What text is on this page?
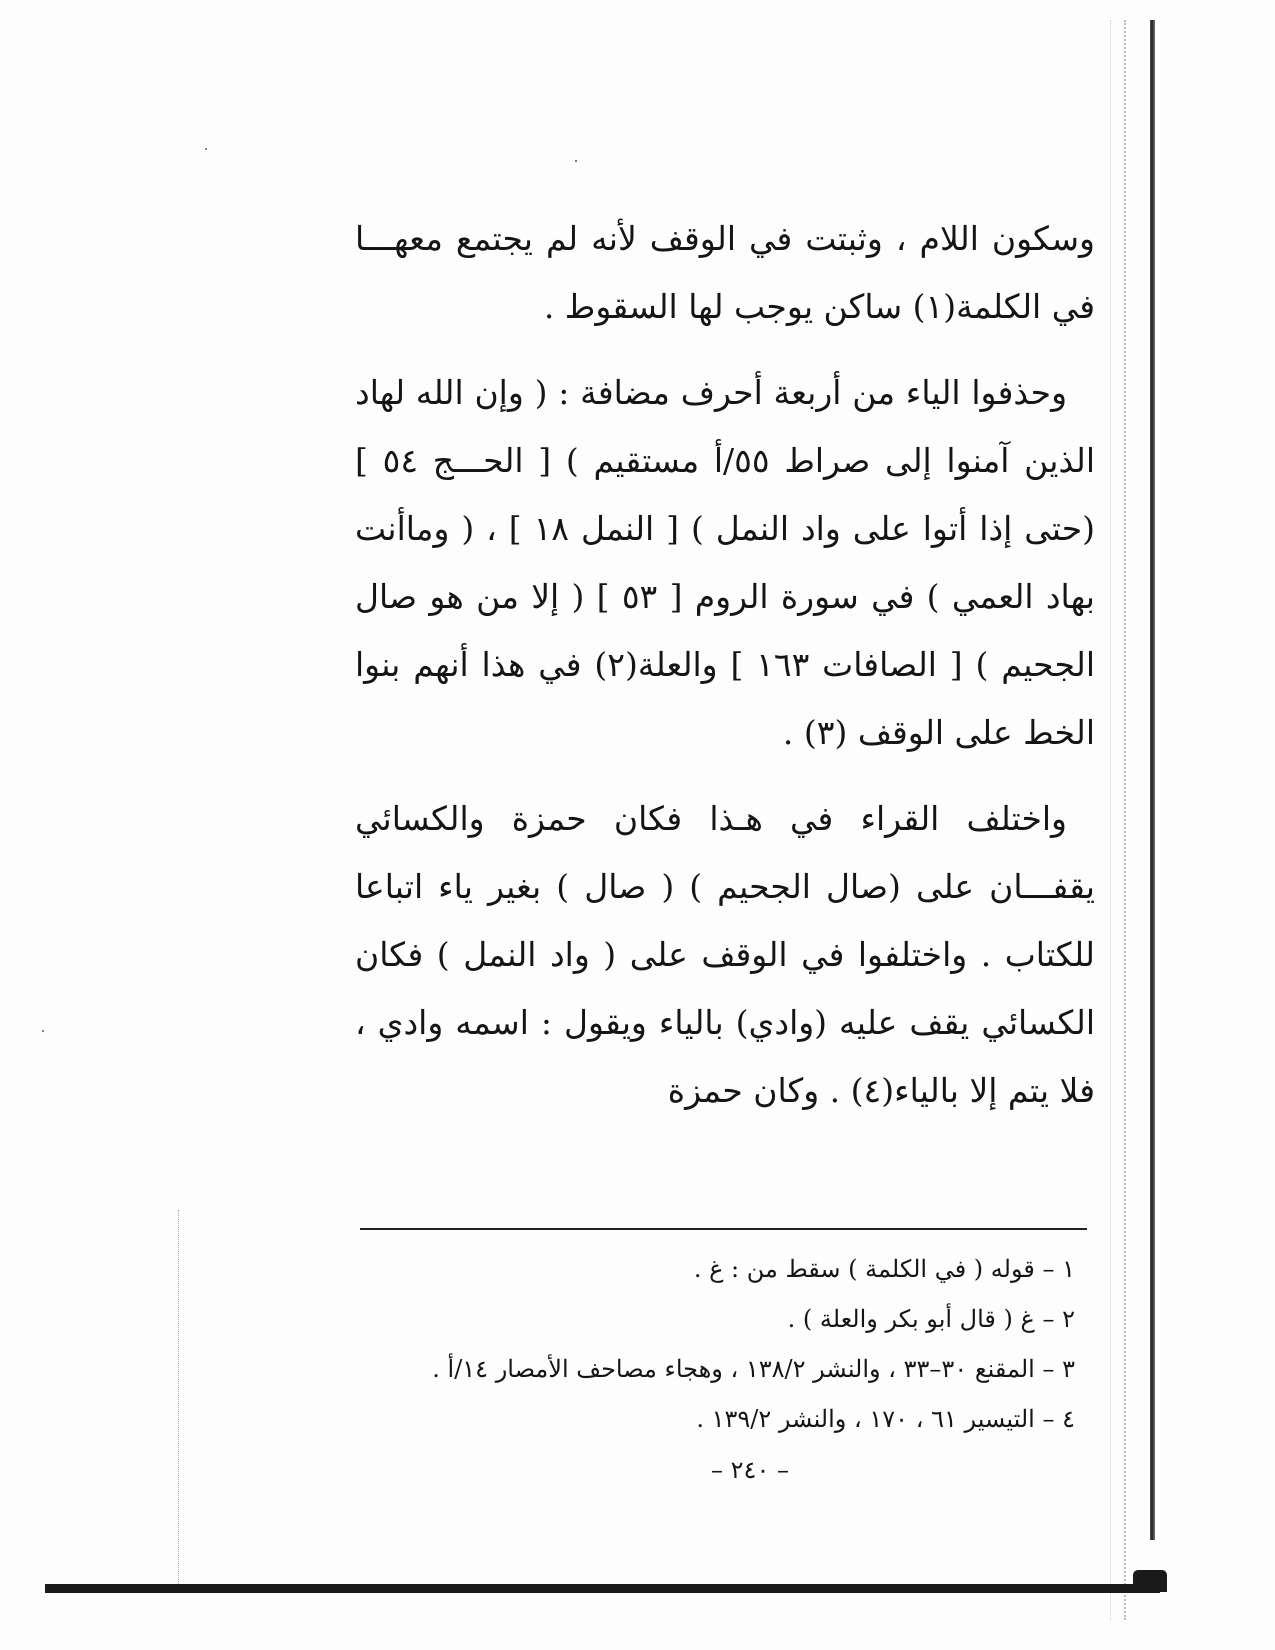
وسكون اللام ، وثبتت في الوقف لأنه لم يجتمع معهـــا في الكلمة(١) ساكن يوجب لها السقوط .

وحذفوا الياء من أربعة أحرف مضافة : ( وإن الله لهاد الذين آمنوا إلى صراط ٥٥/أ مستقيم ) [ الحـــج ٥٤ ] (حتى إذا أتوا على واد النمل ) [ النمل ١٨ ] ، ( وماأنت بهاد العمي ) في سورة الروم [ ٥٣ ] ( إلا من هو صال الجحيم ) [ الصافات ١٦٣ ] والعلة(٢) في هذا أنهم بنوا الخط على الوقف (٣) .

واختلف القراء في هـذا فكان حمزة والكسائي يقفـــان على (صال الجحيم ) ( صال ) بغير ياء اتباعا للكتاب . واختلفوا في الوقف على ( واد النمل ) فكان الكسائي يقف عليه (وادي) بالياء ويقول : اسمه وادي ، فلا يتم إلا بالياء(٤) . وكان حمزة

١ – قوله ( في الكلمة ) سقط من : غ .
٢ – غ ( قال أبو بكر والعلة ) .
٣ – المقنع ٣٠–٣٣ ، والنشر ١٣٨/٢ ، وهجاء مصاحف الأمصار ١٤/أ .
٤ – التيسير ٦١ ، ١٧٠ ، والنشر ١٣٩/٢ .
– ٢٤٠ –
